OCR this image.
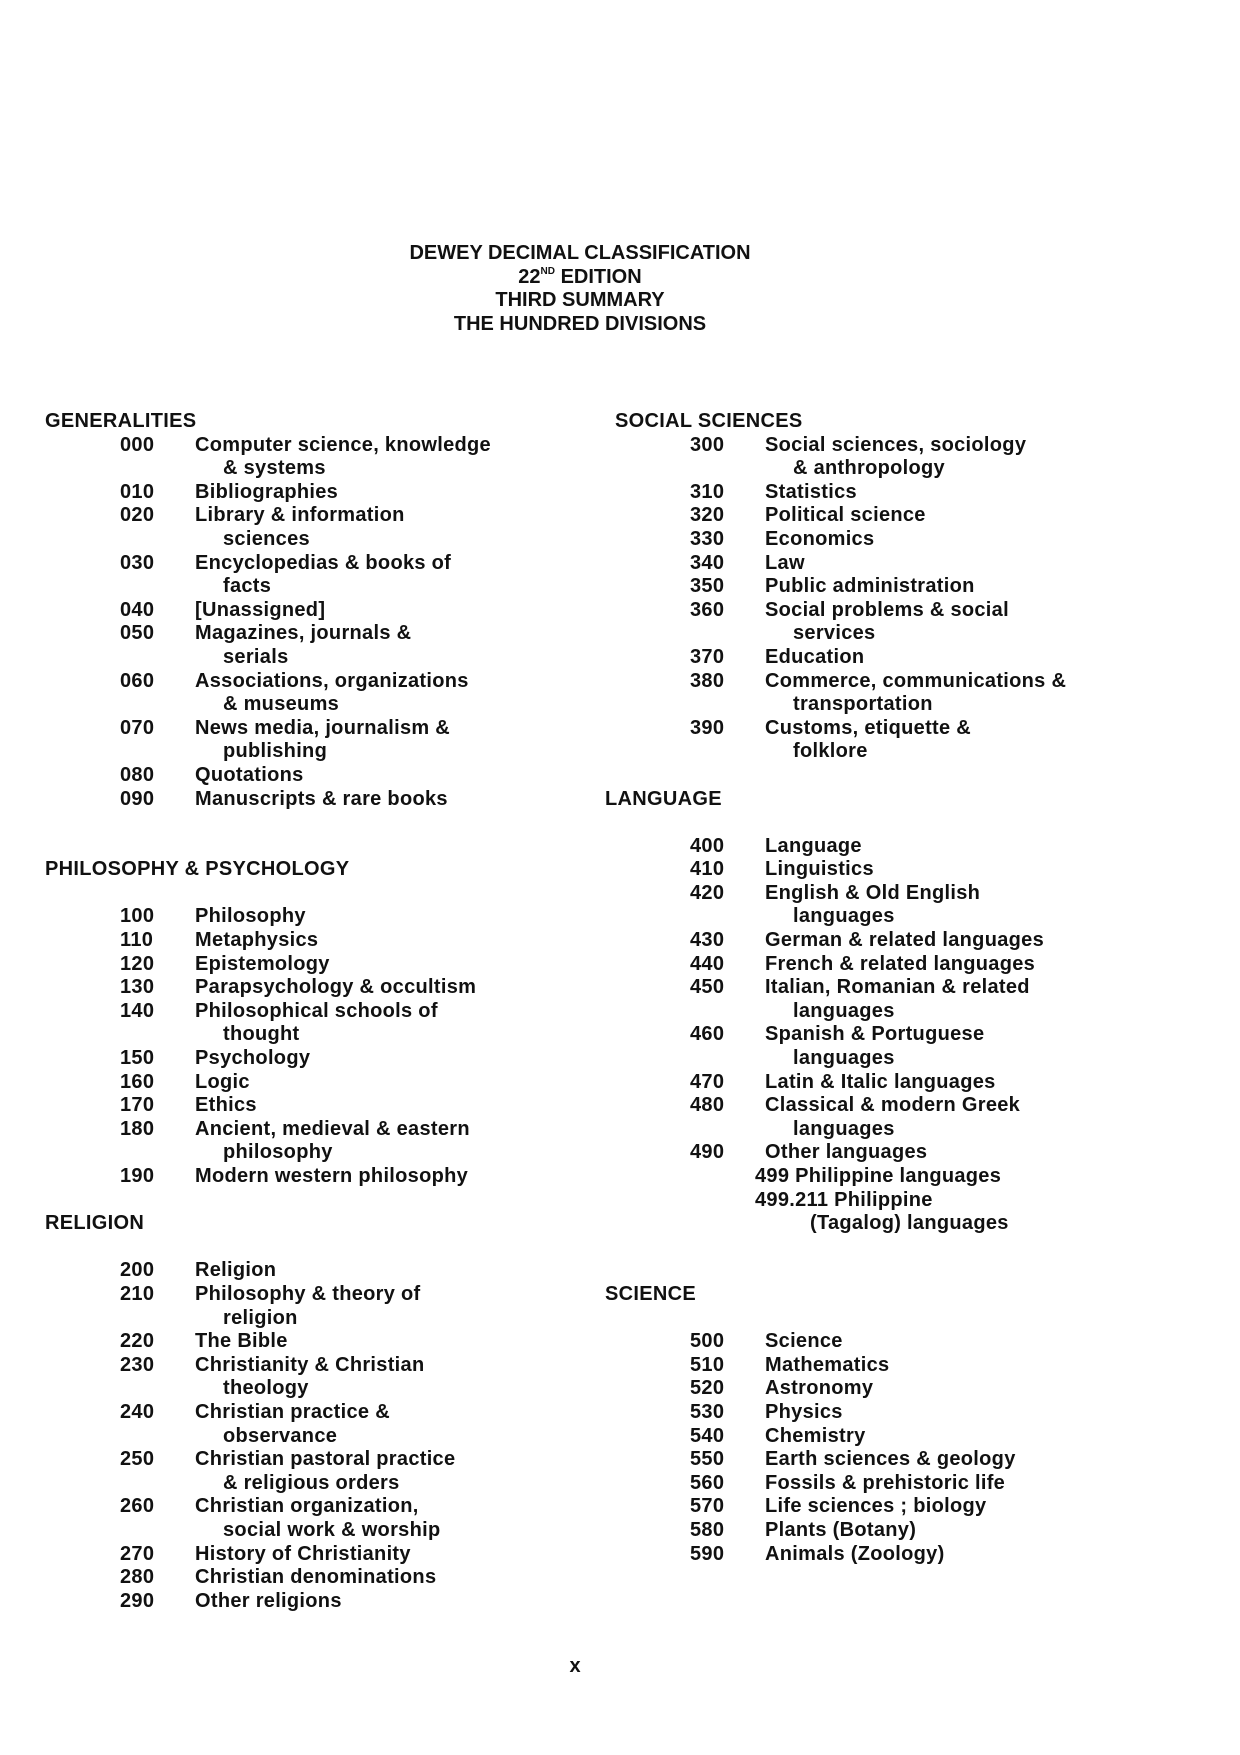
DEWEY DECIMAL CLASSIFICATION
22ND EDITION
THIRD SUMMARY
THE HUNDRED DIVISIONS
GENERALITIES
000	Computer science, knowledge
& systems
010	Bibliographies
020	Library & information
sciences
030	Encyclopedias & books of
facts
040	[Unassigned]
050	Magazines, journals &
serials
060	Associations, organizations
& museums
070	News media, journalism &
publishing
080	Quotations
090	Manuscripts & rare books
PHILOSOPHY & PSYCHOLOGY
100	Philosophy
110	Metaphysics
120	Epistemology
130	Parapsychology & occultism
140	Philosophical schools of
thought
150	Psychology
160	Logic
170	Ethics
180	Ancient, medieval & eastern
philosophy
190	Modern western philosophy
RELIGION
200	Religion
210	Philosophy & theory of
religion
220	The Bible
230	Christianity & Christian
theology
240	Christian practice &
observance
250	Christian pastoral practice
& religious orders
260	Christian organization,
social work & worship
270	History of Christianity
280	Christian denominations
290	Other religions
SOCIAL SCIENCES
300	Social sciences, sociology
& anthropology
310	Statistics
320	Political science
330	Economics
340	Law
350	Public administration
360	Social problems & social
services
370	Education
380	Commerce, communications &
transportation
390	Customs, etiquette &
folklore
LANGUAGE
400	Language
410	Linguistics
420	English & Old English
languages
430	German & related languages
440	French & related languages
450	Italian, Romanian & related
languages
460	Spanish & Portuguese
languages
470	Latin & Italic languages
480	Classical & modern Greek
languages
490	Other languages
499 Philippine languages
499.211 Philippine
(Tagalog) languages
SCIENCE
500	Science
510	Mathematics
520	Astronomy
530	Physics
540	Chemistry
550	Earth sciences & geology
560	Fossils & prehistoric life
570	Life sciences ; biology
580	Plants (Botany)
590	Animals (Zoology)
x
